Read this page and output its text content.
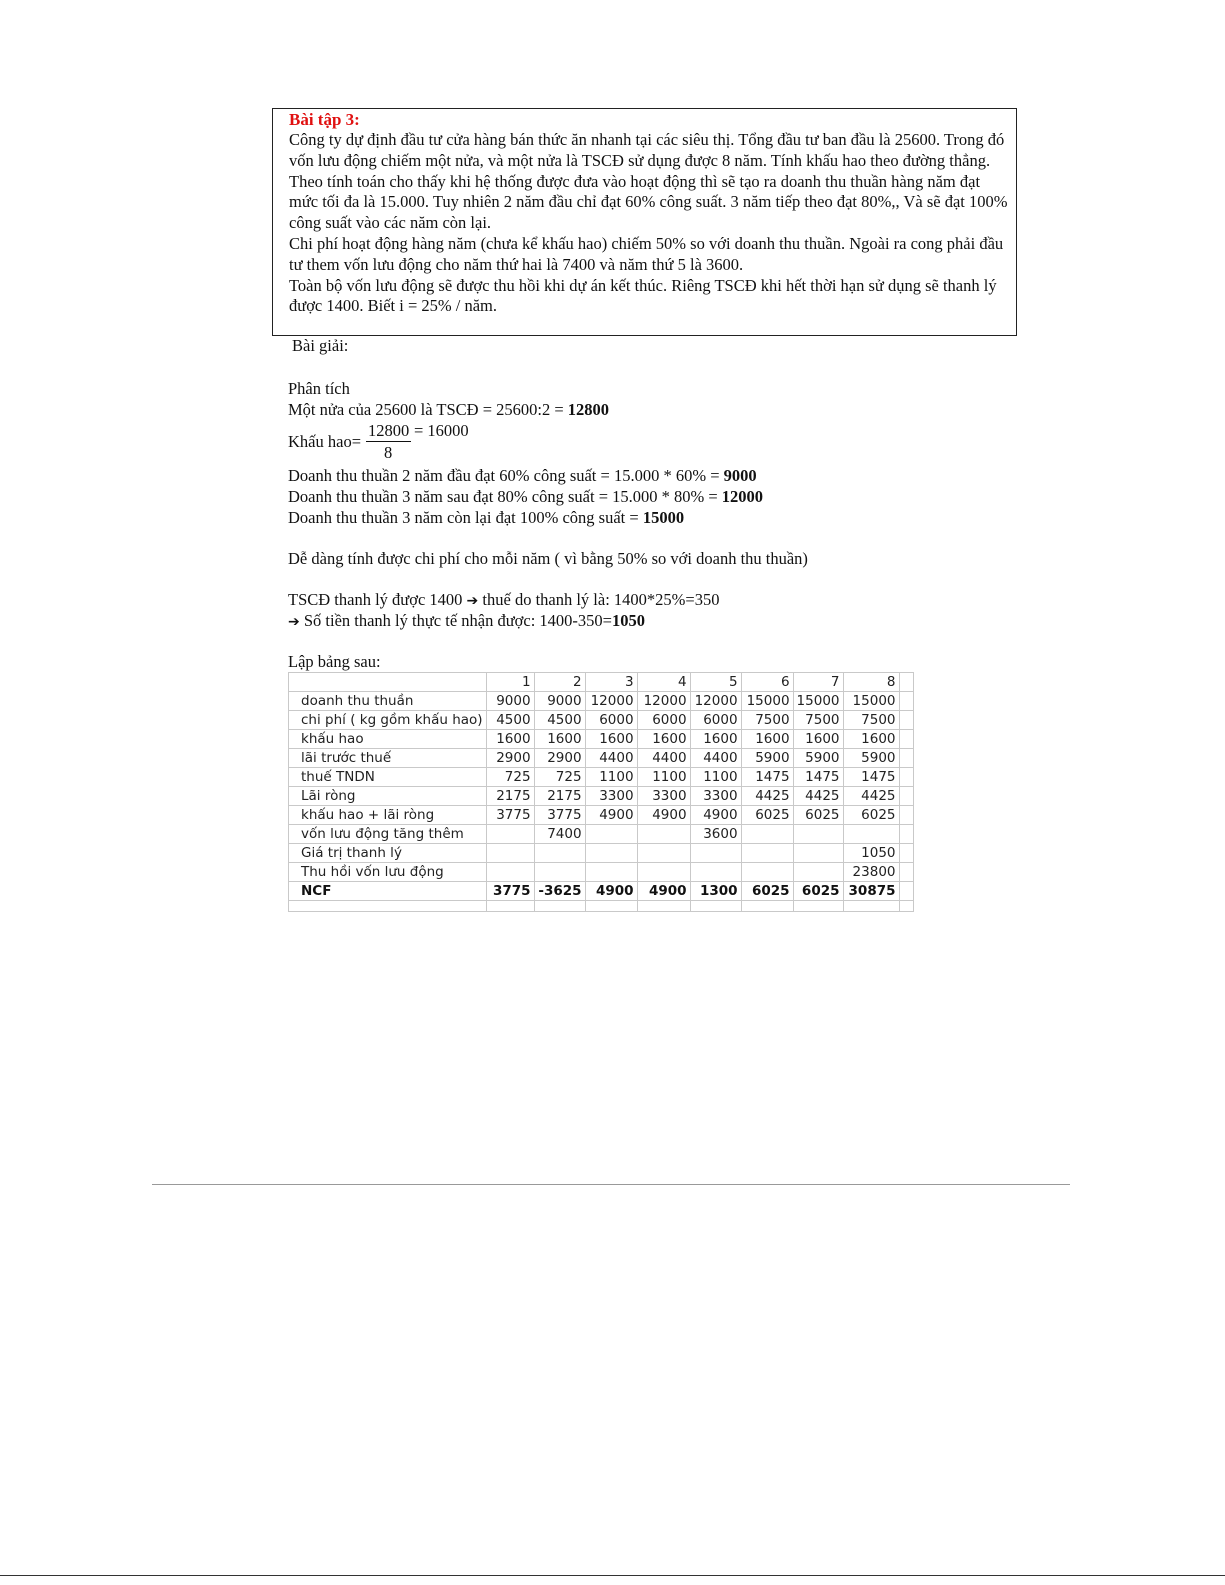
Bài tập 3:

Công ty dự định đầu tư cửa hàng bán thức ăn nhanh tại các siêu thị. Tổng đầu tư ban đầu là 25600. Trong đó vốn lưu động chiếm một nửa, và một nửa là TSCĐ sử dụng được 8 năm. Tính khấu hao theo đường thẳng.

Theo tính toán cho thấy khi hệ thống được đưa vào hoạt động thì sẽ tạo ra doanh thu thuần hàng năm đạt mức tối đa là 15.000. Tuy nhiên 2 năm đầu chỉ đạt 60% công suất. 3 năm tiếp theo đạt 80%,, Và sẽ đạt 100% công suất vào các năm còn lại.

Chi phí hoạt động hàng năm (chưa kể khấu hao) chiếm 50% so với doanh thu thuần. Ngoài ra cong phải đầu tư them vốn lưu động cho năm thứ hai là 7400 và năm thứ 5 là 3600.

Toàn bộ vốn lưu động sẽ được thu hồi khi dự án kết thúc. Riêng TSCĐ khi hết thời hạn sử dụng sẽ thanh lý được 1400. Biết i = 25% / năm.

Bài giải:
Phân tích
Một nửa của 25600 là TSCĐ = 25600:2 = 12800
Khấu hao=
12800 = 16000
8
Doanh thu thuần 2 năm đầu đạt 60% công suất = 15.000 * 60% = 9000
Doanh thu thuần 3 năm sau đạt 80% công suất = 15.000 * 80% = 12000
Doanh thu thuần 3 năm còn lại đạt 100% công suất = 15000
Dễ dàng tính được chi phí cho mỗi năm ( vì bằng 50% so với doanh thu thuần)
TSCĐ thanh lý được 1400 ➔ thuế do thanh lý là: 1400*25%=350
➔ Số tiền thanh lý thực tế nhận được: 1400-350=1050
Lập bảng sau:
	1	2	3	4	5	6	7	8	
doanh thu thuần	9000	9000	12000	12000	12000	15000	15000	15000	
chi phí ( kg gồm khấu hao)	4500	4500	6000	6000	6000	7500	7500	7500	
khấu hao	1600	1600	1600	1600	1600	1600	1600	1600	
lãi trước thuế	2900	2900	4400	4400	4400	5900	5900	5900	
thuế TNDN	725	725	1100	1100	1100	1475	1475	1475	
Lãi ròng	2175	2175	3300	3300	3300	4425	4425	4425	
khấu hao + lãi ròng	3775	3775	4900	4900	4900	6025	6025	6025	
vốn lưu động tăng thêm		7400			3600				
Giá trị thanh lý								1050	
Thu hồi vốn lưu động								23800	
NCF	3775	-3625	4900	4900	1300	6025	6025	30875	
